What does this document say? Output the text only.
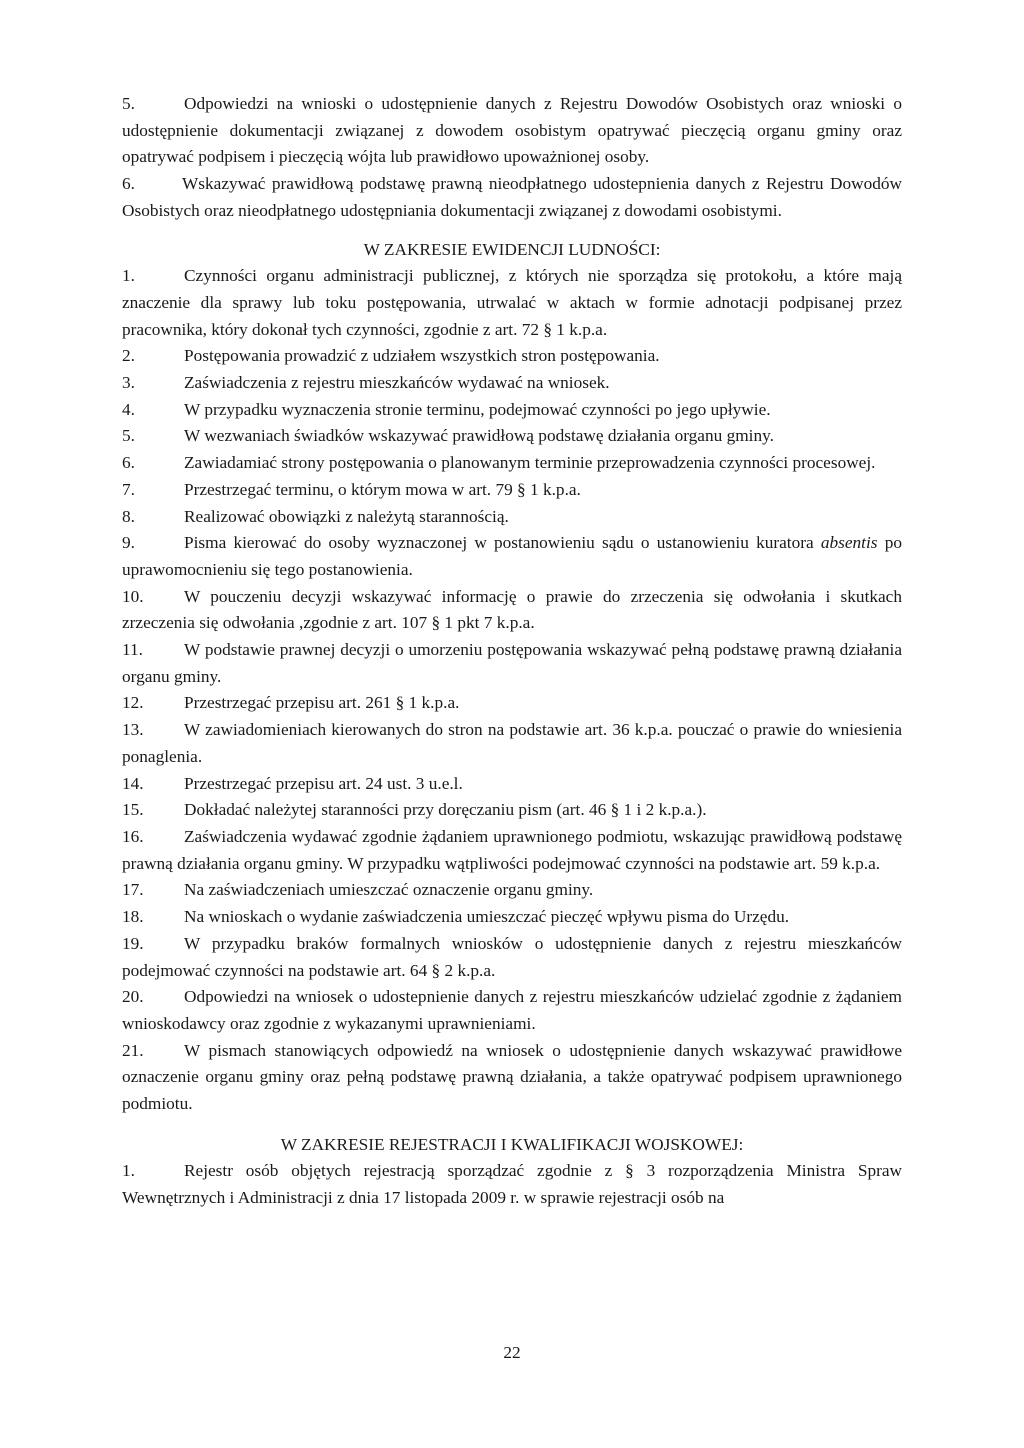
5.	Odpowiedzi na wnioski o udostępnienie danych z Rejestru Dowodów Osobistych oraz wnioski o udostępnienie dokumentacji związanej z dowodem osobistym opatrywać pieczęcią organu gminy oraz opatrywać podpisem i pieczęcią wójta lub prawidłowo upoważnionej osoby.

6.	Wskazywać prawidłową podstawę prawną nieodpłatnego udostepnienia danych z Rejestru Dowodów Osobistych oraz nieodpłatnego udostępniania dokumentacji związanej z dowodami osobistymi.

W ZAKRESIE EWIDENCJI LUDNOŚCI:

1.	Czynności organu administracji publicznej, z których nie sporządza się protokołu, a które mają znaczenie dla sprawy lub toku postępowania, utrwalać w aktach w formie adnotacji podpisanej przez pracownika, który dokonał tych czynności, zgodnie z art. 72 § 1 k.p.a.

2.	Postępowania prowadzić z udziałem wszystkich stron postępowania.

3.	Zaświadczenia z rejestru mieszkańców wydawać na wniosek.

4.	W przypadku wyznaczenia stronie terminu, podejmować czynności po jego upływie.

5.	W wezwaniach świadków wskazywać prawidłową podstawę działania organu gminy.

6.	Zawiadamiać strony postępowania o planowanym terminie przeprowadzenia czynności procesowej.

7.	Przestrzegać terminu, o którym mowa w art. 79 § 1 k.p.a.

8.	Realizować obowiązki z należytą starannością.

9.	Pisma kierować do osoby wyznaczonej w postanowieniu sądu o ustanowieniu kuratora absentis po uprawomocnieniu się tego postanowienia.

10. W pouczeniu decyzji wskazywać informację o prawie do zrzeczenia się odwołania i skutkach zrzeczenia się odwołania ,zgodnie z art. 107 § 1 pkt 7 k.p.a.

11. W podstawie prawnej decyzji o umorzeniu postępowania wskazywać pełną podstawę prawną działania organu gminy.

12. Przestrzegać przepisu art. 261 § 1 k.p.a.

13. W zawiadomieniach kierowanych do stron na podstawie art. 36 k.p.a. pouczać o prawie do wniesienia ponaglenia.

14. Przestrzegać przepisu art. 24 ust. 3 u.e.l.

15. Dokładać należytej staranności przy doręczaniu pism (art. 46 § 1 i 2 k.p.a.).

16. Zaświadczenia wydawać zgodnie żądaniem uprawnionego podmiotu, wskazując prawidłową podstawę prawną działania organu gminy. W przypadku wątpliwości podejmować czynności na podstawie art. 59 k.p.a.

17. Na zaświadczeniach umieszczać oznaczenie organu gminy.

18. Na wnioskach o wydanie zaświadczenia umieszczać pieczęć wpływu pisma do Urzędu.

19. W przypadku braków formalnych wniosków o udostępnienie danych z rejestru mieszkańców podejmować czynności na podstawie art. 64 § 2 k.p.a.

20. Odpowiedzi na wniosek o udostepnienie danych z rejestru mieszkańców udzielać zgodnie z żądaniem wnioskodawcy oraz zgodnie z wykazanymi uprawnieniami.

21. W pismach stanowiących odpowiedź na wniosek o udostępnienie danych wskazywać prawidłowe oznaczenie organu gminy oraz pełną podstawę prawną działania, a także opatrywać podpisem uprawnionego podmiotu.

W ZAKRESIE REJESTRACJI I KWALIFIKACJI WOJSKOWEJ:

1.	Rejestr osób objętych rejestracją sporządzać zgodnie z § 3 rozporządzenia Ministra Spraw Wewnętrznych i Administracji z dnia 17 listopada 2009 r. w sprawie rejestracji osób na

22
